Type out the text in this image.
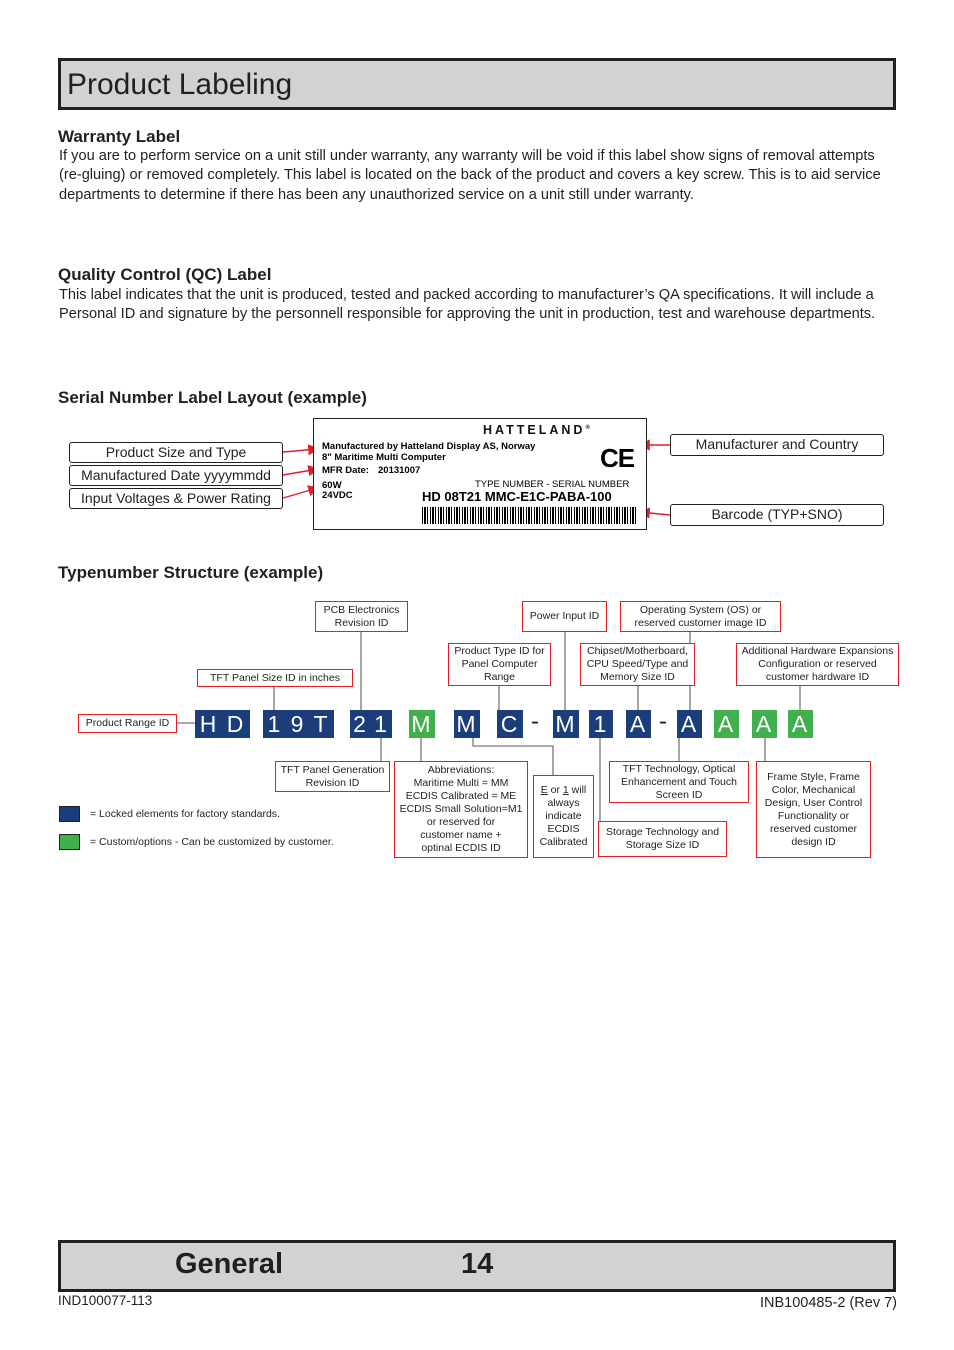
Product Labeling
Warranty Label
If you are to perform service on a unit still under warranty, any warranty will be void if this label show signs of removal attempts (re-gluing) or removed completely. This label is located on the back of the product and covers a key screw. This is to aid service departments to determine if there has been any unauthorized service on a unit still under warranty.
Quality Control (QC) Label
This label indicates that the unit is produced, tested and packed according to manufacturer’s QA specifications. It will include a Personal ID and signature by the personnell responsible for approving the unit in production, test and warehouse departments.
Serial Number Label Layout (example)
Product Size and Type
Manufactured Date yyyymmdd
Input Voltages & Power Rating
Manufacturer and Country
Barcode (TYP+SNO)
HATTELAND®
Manufactured by Hatteland Display AS, Norway
8" Maritime Multi Computer
MFR Date: 20131007
60W
24VDC
CE
TYPE NUMBER - SERIAL NUMBER
HD 08T21 MMC-E1C-PABA-100
Typenumber Structure (example)
PCB Electronics Revision ID
Power Input ID
Operating System (OS) or reserved customer image ID
Product Type ID for Panel Computer Range
Chipset/Motherboard, CPU Speed/Type and Memory Size ID
Additional Hardware Expansions Configuration or reserved customer hardware ID
TFT Panel Size ID in inches
Product Range ID
TFT Panel Generation Revision ID
Abbreviations:
Maritime Multi = MM
ECDIS Calibrated = ME
ECDIS Small Solution=M1
or reserved for customer name + optinal ECDIS ID
E or 1 will always indicate ECDIS Calibrated
TFT Technology, Optical Enhancement and Touch Screen ID
Storage Technology and Storage Size ID
Frame Style, Frame Color, Mechanical Design, User Control Functionality or reserved customer design ID
H D 1 9 T 2 1 M M C - M 1 A - A A A A
= Locked elements for factory standards.
= Custom/options - Can be customized by customer.
General	14
IND100077-113	INB100485-2 (Rev 7)
